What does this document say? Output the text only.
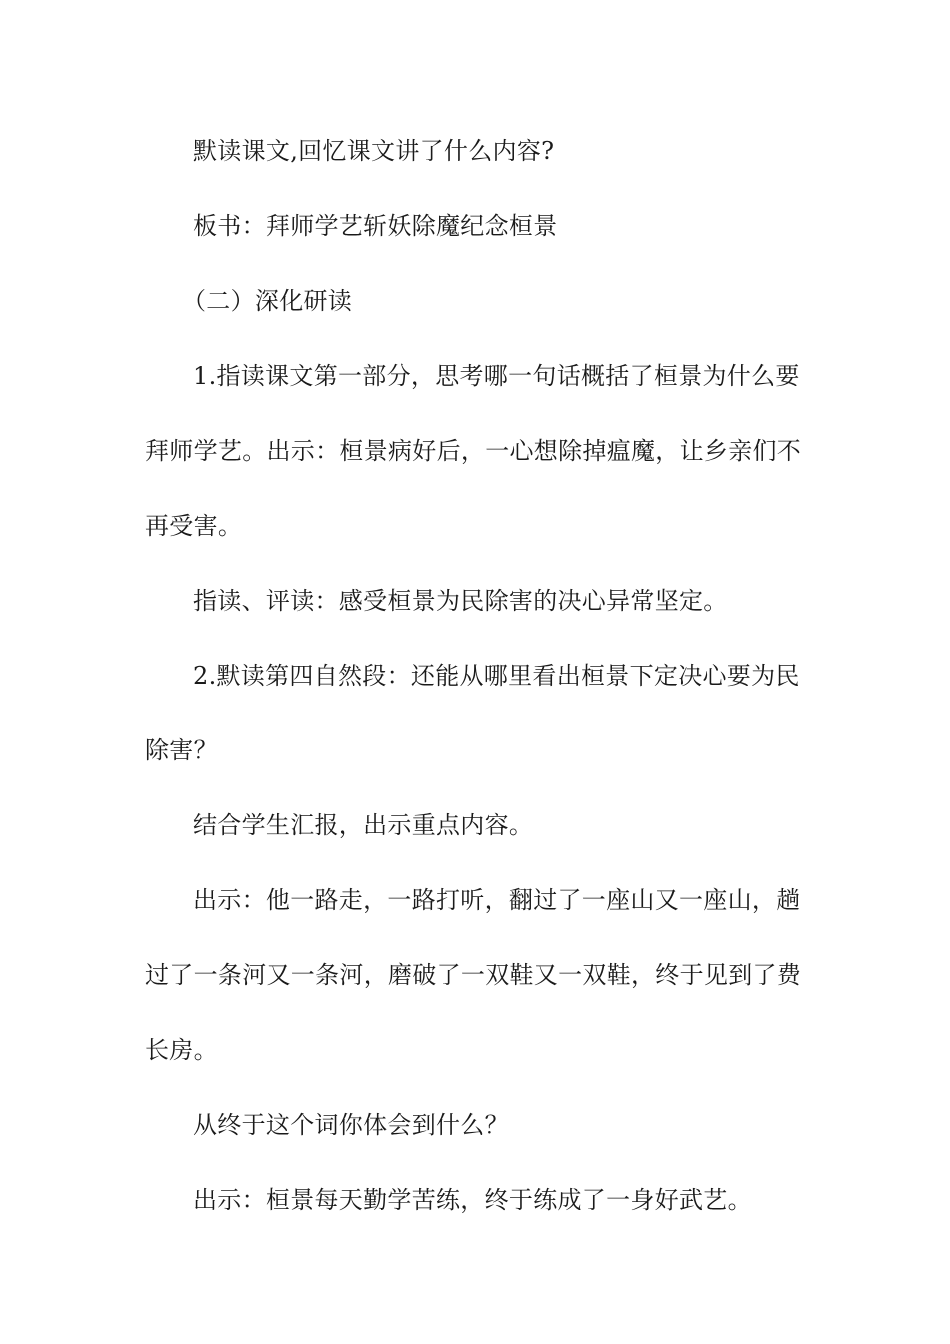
默读课文,回忆课文讲了什么内容?
板书：拜师学艺斩妖除魔纪念桓景
（二）深化研读
1.指读课文第一部分，思考哪一句话概括了桓景为什么要
拜师学艺。出示：桓景病好后，一心想除掉瘟魔，让乡亲们不
再受害。
指读、评读：感受桓景为民除害的决心异常坚定。
2.默读第四自然段：还能从哪里看出桓景下定决心要为民
除害？
结合学生汇报，出示重点内容。
出示：他一路走，一路打听，翻过了一座山又一座山，趟
过了一条河又一条河，磨破了一双鞋又一双鞋，终于见到了费
长房。
从终于这个词你体会到什么？
出示：桓景每天勤学苦练，终于练成了一身好武艺。
